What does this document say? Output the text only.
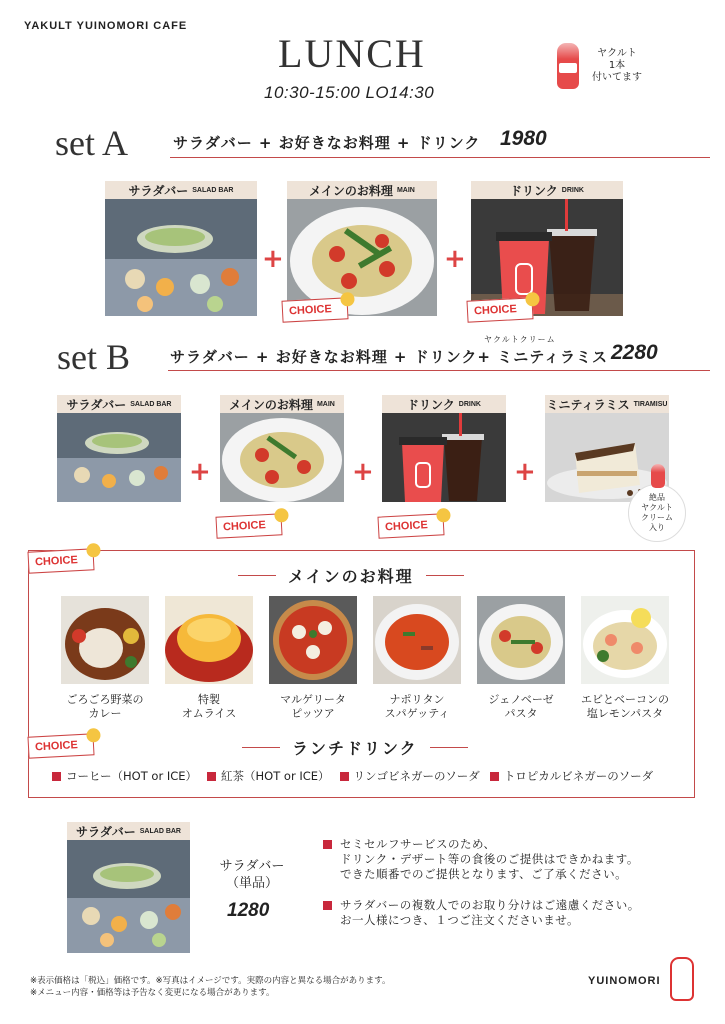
YAKULT YUINOMORI CAFE
LUNCH
10:30-15:00 LO14:30
ヤクルト
1本
付いてます
set A	サラダバー + お好きなお料理 + ドリンク 1980
サラダバー SALAD BAR
+
メインのお料理 MAIN
CHOICE
+
ドリンク DRINK
CHOICE
set B	ヤクルトクリーム
サラダバー + お好きなお料理 + ドリンク+ ミニティラミス 2280
サラダバー SALAD BAR
+
メインのお料理 MAIN
CHOICE
+
ドリンク DRINK
CHOICE
+
ミニティラミス TIRAMISU
絶品
ヤクルト
クリーム
入り
CHOICE
メインのお料理
ごろごろ野菜の
カレー
特製
オムライス
マルゲリータ
ピッツア
ナポリタン
スパゲッティ
ジェノベーゼ
パスタ
エビとベーコンの
塩レモンパスタ
CHOICE	ランチドリンク
コーヒー（HOT or ICE） 紅茶（HOT or ICE） リンゴビネガーのソーダ トロピカルビネガーのソーダ
サラダバー SALAD BAR
サラダバー
（単品）
1280
セミセルフサービスのため、
ドリンク・デザート等の食後のご提供はできかねます。
できた順番でのご提供となります、ご了承ください。
サラダバーの複数人でのお取り分けはご遠慮ください。
お一人様につき、１つご注文くださいませ。
※表示価格は「税込」価格です。※写真はイメージです。実際の内容と異なる場合があります。
※メニュー内容・価格等は予告なく変更になる場合があります。
YUINOMORI
